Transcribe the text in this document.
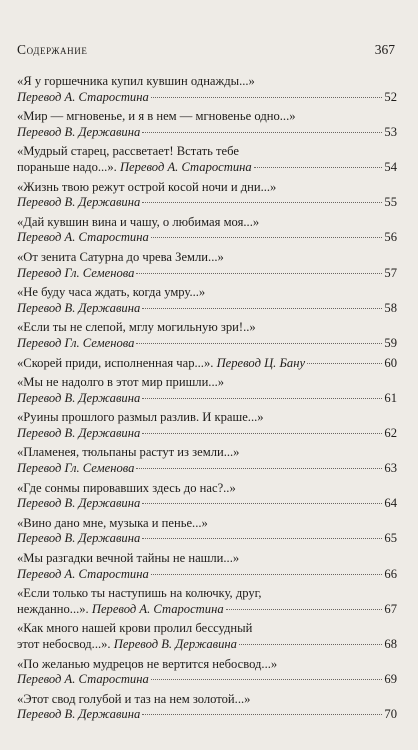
Содержание	367
«Я у горшечника купил кувшин однажды...»
Перевод А. Старостина	52
«Мир — мгновенье, и я в нем — мгновенье одно...»
Перевод В. Державина	53
«Мудрый старец, рассветает! Встать тебе
пораньше надо...».
Перевод А. Старостина	54
«Жизнь твою режут острой косой ночи и дни...»
Перевод В. Державина	55
«Дай кувшин вина и чашу, о любимая моя...»
Перевод А. Старостина	56
«От зенита Сатурна до чрева Земли...»
Перевод Гл. Семенова	57
«Не буду часа ждать, когда умру...»
Перевод В. Державина	58
«Если ты не слепой, мглу могильную зри!..»
Перевод Гл. Семенова	59
«Скорей приди, исполненная чар...».
Перевод Ц. Бану	60
«Мы не надолго в этот мир пришли...»
Перевод В. Державина	61
«Руины прошлого размыл разлив. И краше...»
Перевод В. Державина	62
«Пламенея, тюльпаны растут из земли...»
Перевод Гл. Семенова	63
«Где сонмы пировавших здесь до нас?..»
Перевод В. Державина	64
«Вино дано мне, музыка и пенье...»
Перевод В. Державина	65
«Мы разгадки вечной тайны не нашли...»
Перевод А. Старостина	66
«Если только ты наступишь на колючку, друг,
нежданно...».
Перевод А. Старостина	67
«Как много нашей крови пролил бессудный
этот небосвод...».
Перевод В. Державина	68
«По желанью мудрецов не вертится небосвод...»
Перевод А. Старостина	69
«Этот свод голубой и таз на нем золотой...»
Перевод В. Державина	70
